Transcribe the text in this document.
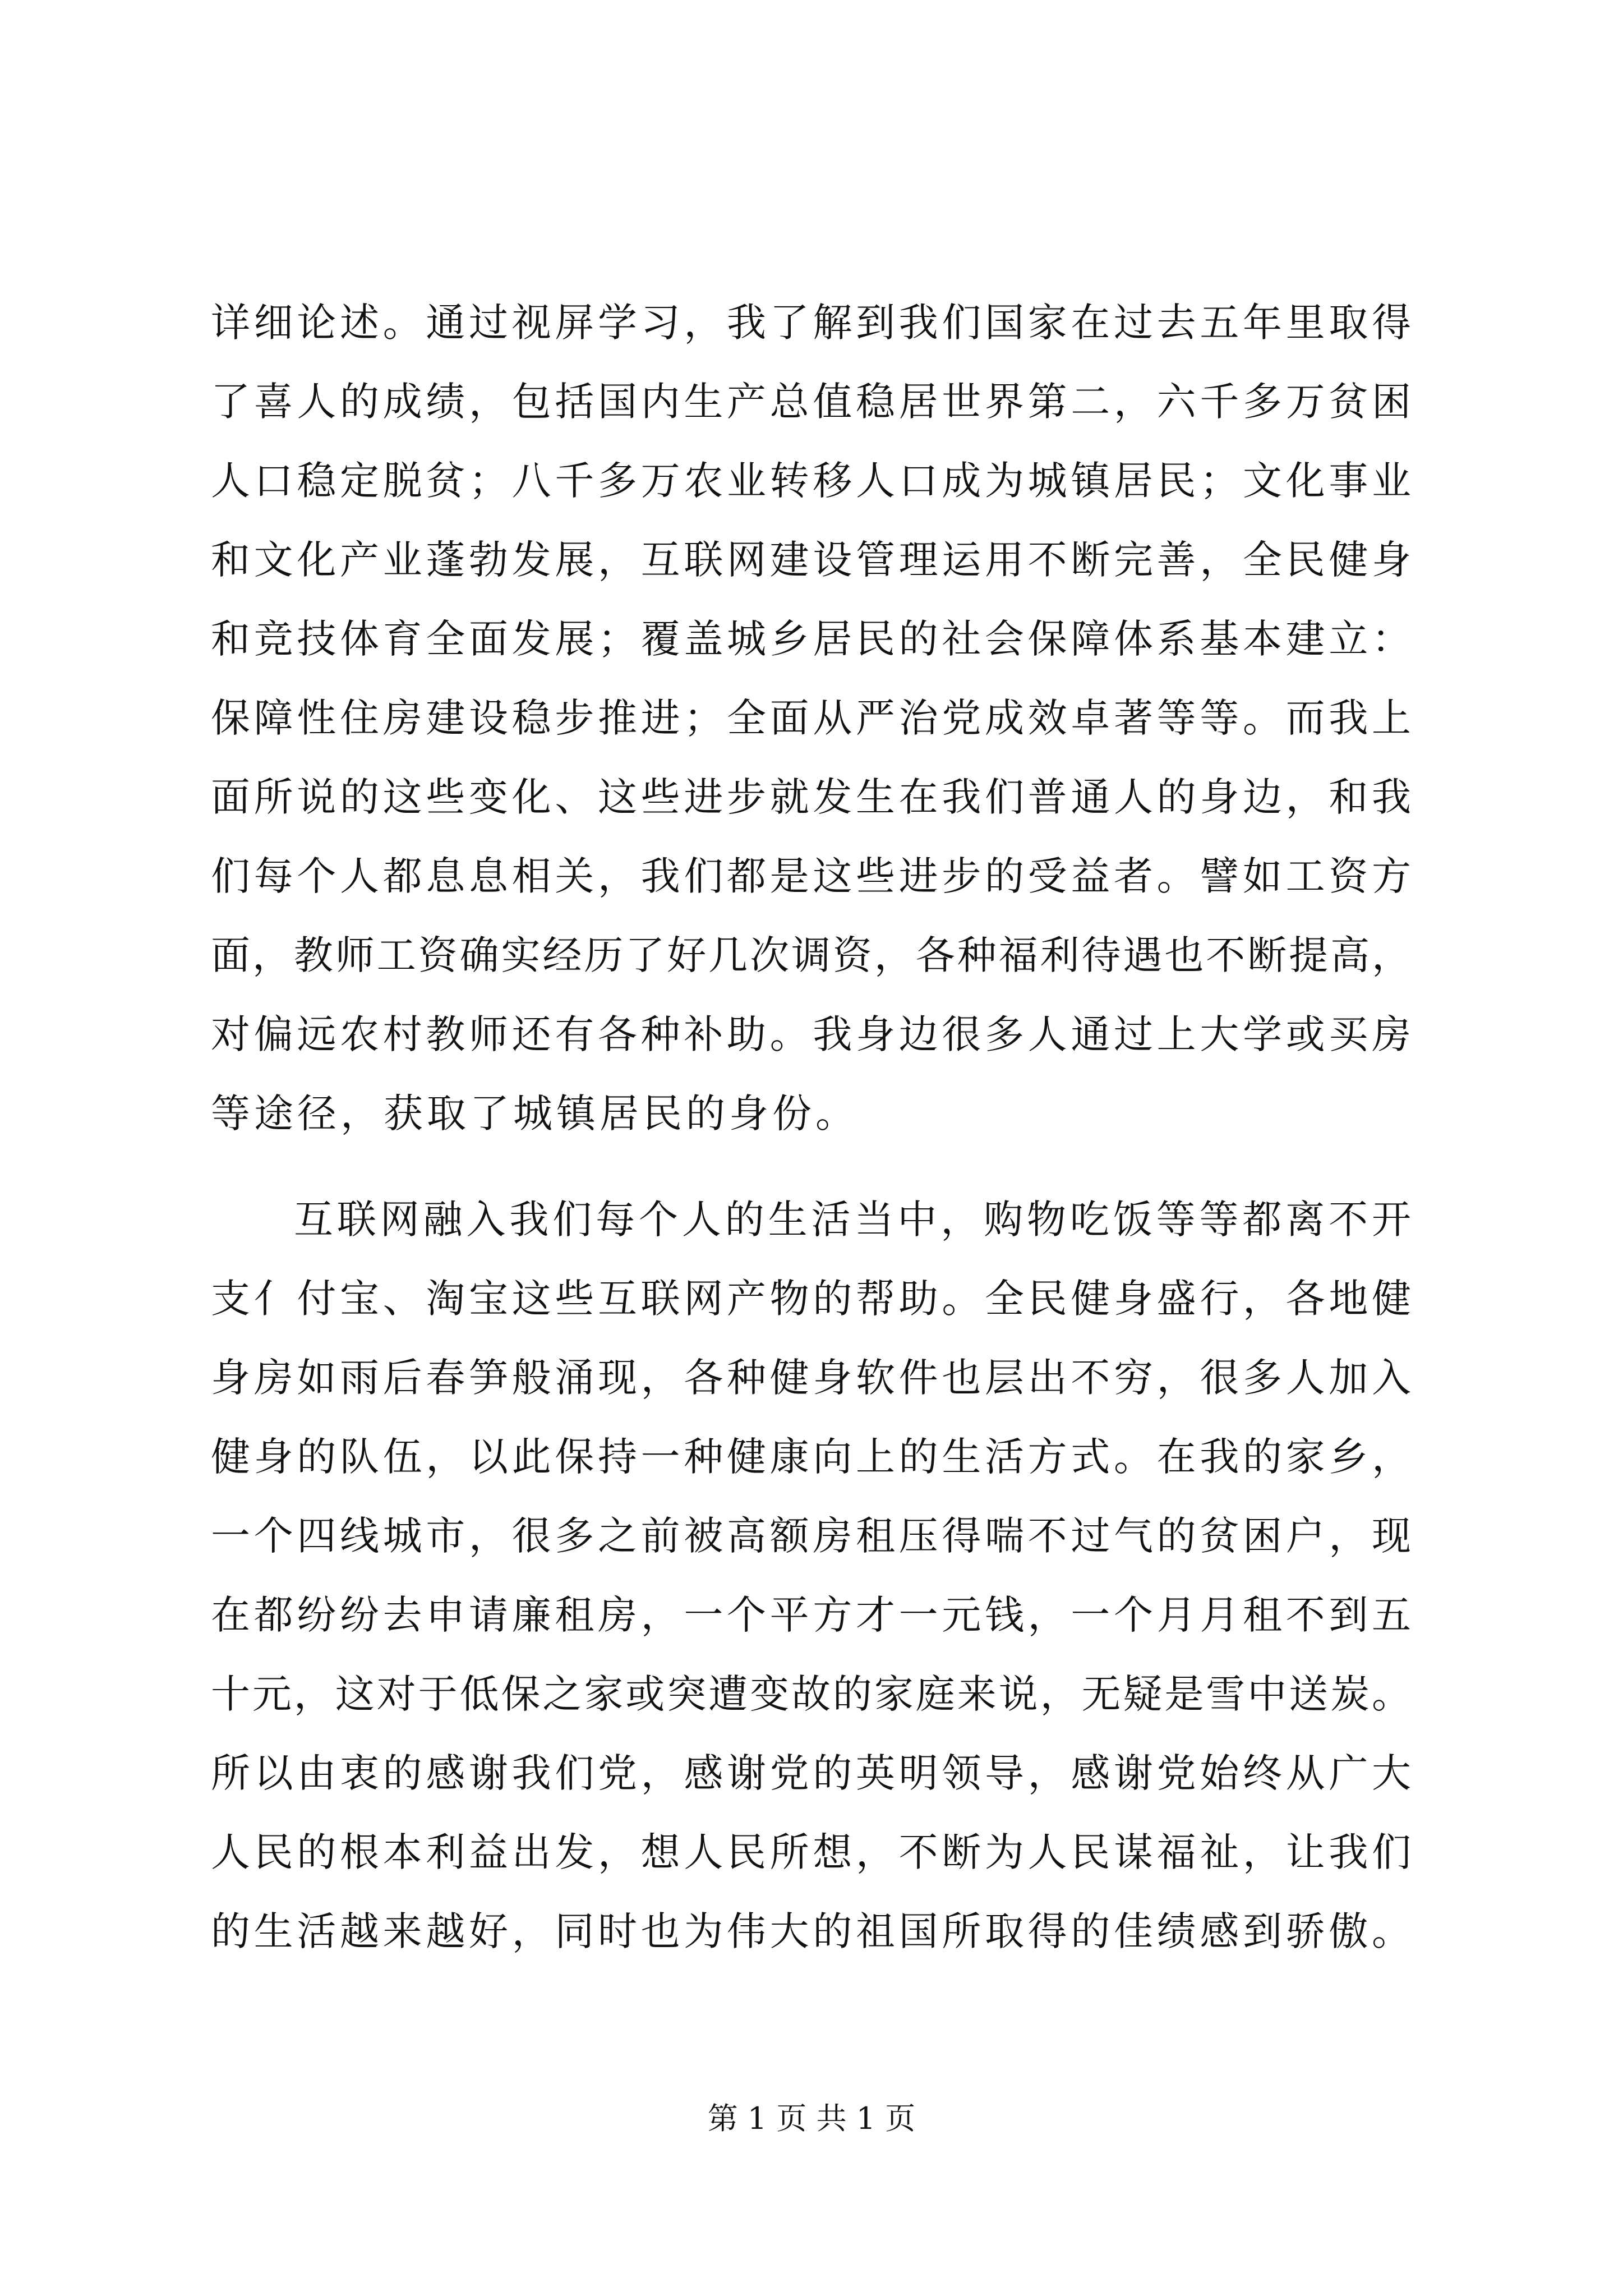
详细论述。通过视屏学习，我了解到我们国家在过去五年里取得
了喜人的成绩，包括国内生产总值稳居世界第二，六千多万贫困
人口稳定脱贫；八千多万农业转移人口成为城镇居民；文化事业
和文化产业蓬勃发展，互联网建设管理运用不断完善，全民健身
和竞技体育全面发展；覆盖城乡居民的社会保障体系基本建立：
保障性住房建设稳步推进；全面从严治党成效卓著等等。而我上
面所说的这些变化、这些进步就发生在我们普通人的身边，和我
们每个人都息息相关，我们都是这些进步的受益者。譬如工资方
面，教师工资确实经历了好几次调资，各种福利待遇也不断提高，
对偏远农村教师还有各种补助。我身边很多人通过上大学或买房
等途径，获取了城镇居民的身份。
互联网融入我们每个人的生活当中，购物吃饭等等都离不开
支亻付宝、淘宝这些互联网产物的帮助。全民健身盛行，各地健
身房如雨后春笋般涌现，各种健身软件也层出不穷，很多人加入
健身的队伍，以此保持一种健康向上的生活方式。在我的家乡，
一个四线城市，很多之前被高额房租压得喘不过气的贫困户，现
在都纷纷去申请廉租房，一个平方才一元钱，一个月月租不到五
十元，这对于低保之家或突遭变故的家庭来说，无疑是雪中送炭。
所以由衷的感谢我们党，感谢党的英明领导，感谢党始终从广大
人民的根本利益出发，想人民所想，不断为人民谋福祉，让我们
的生活越来越好，同时也为伟大的祖国所取得的佳绩感到骄傲。
第 1 页 共 1 页
